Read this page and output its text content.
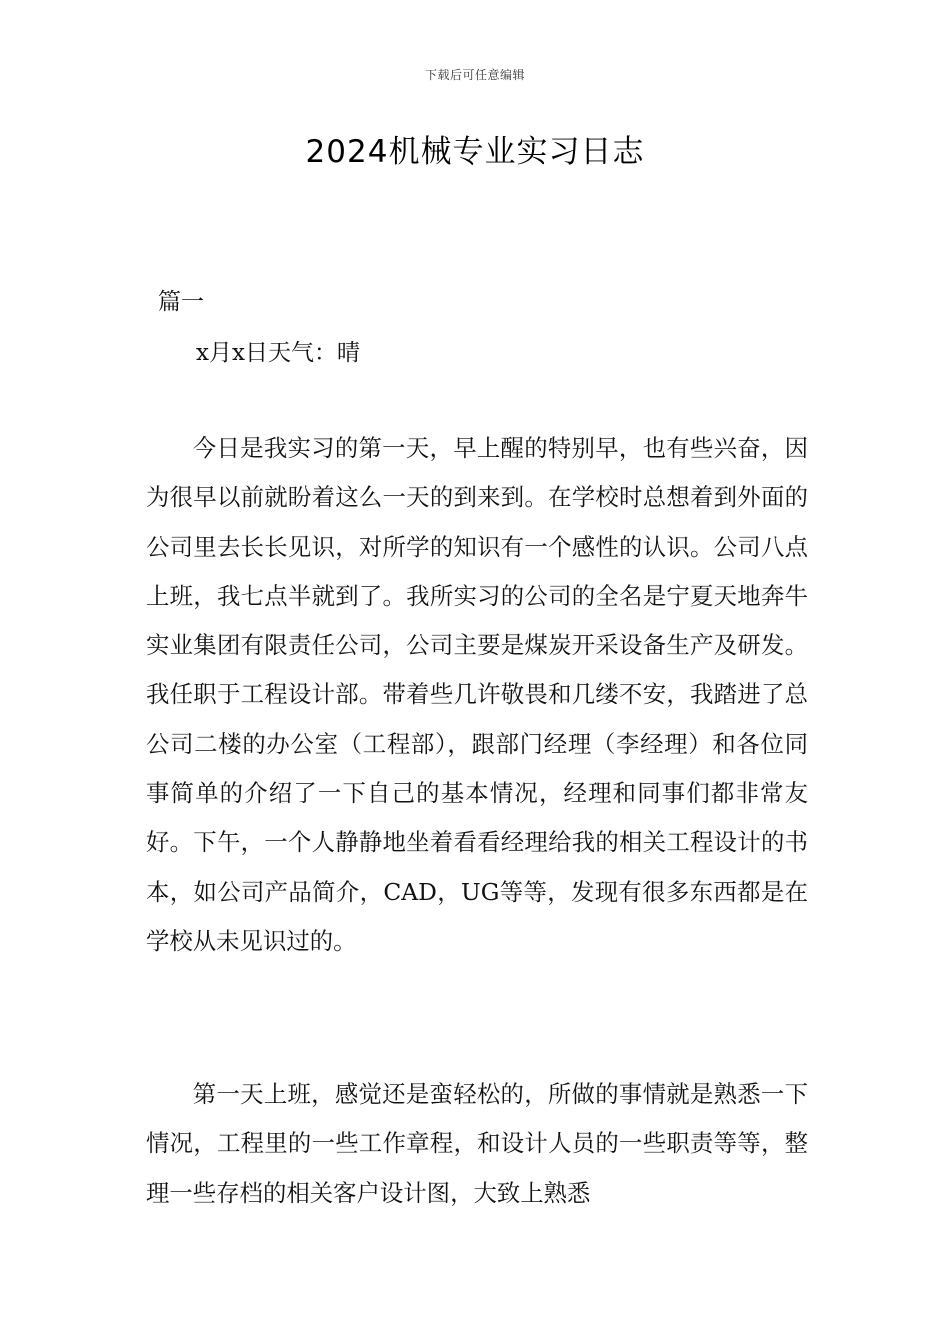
下载后可任意编辑
2024机械专业实习日志
篇一
x月x日天气：晴

今日是我实习的第一天，早上醒的特别早，也有些兴奋，因为很早以前就盼着这么一天的到来到。在学校时总想着到外面的公司里去长长见识，对所学的知识有一个感性的认识。公司八点上班，我七点半就到了。我所实习的公司的全名是宁夏天地奔牛实业集团有限责任公司，公司主要是煤炭开采设备生产及研发。我任职于工程设计部。带着些几许敬畏和几缕不安，我踏进了总公司二楼的办公室（工程部），跟部门经理（李经理）和各位同事简单的介绍了一下自己的基本情况，经理和同事们都非常友好。下午，一个人静静地坐着看看经理给我的相关工程设计的书本，如公司产品简介，CAD，UG等等，发现有很多东西都是在学校从未见识过的。

第一天上班，感觉还是蛮轻松的，所做的事情就是熟悉一下情况，工程里的一些工作章程，和设计人员的一些职责等等，整理一些存档的相关客户设计图，大致上熟悉
